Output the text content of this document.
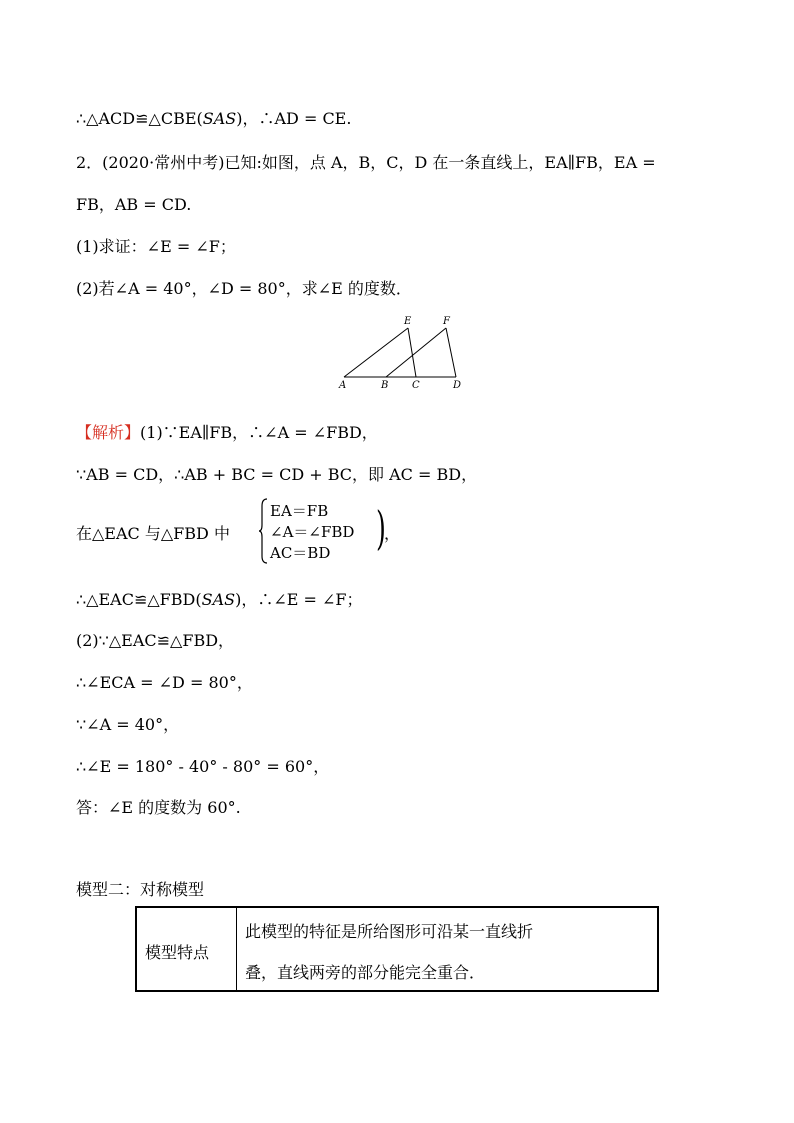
∴△ACD≌△CBE(SAS)，∴AD = CE.
2．(2020·常州中考)已知:如图，点 A，B，C，D 在一条直线上，EA∥FB，EA =
FB，AB = CD.
(1)求证：∠E = ∠F；
(2)若∠A = 40°，∠D = 80°，求∠E 的度数．
E	F
A	B C	D
【解析】(1)∵EA∥FB，∴∠A = ∠FBD，
∵AB = CD，∴AB + BC = CD + BC，即 AC = BD，
在△EAC 与△FBD 中
EA＝FB
∠A＝∠FBD
AC＝BD )
，
∴△EAC≌△FBD(SAS)，∴∠E = ∠F；
(2)∵△EAC≌△FBD，
∴∠ECA = ∠D = 80°，
∵∠A = 40°，
∴∠E = 180° - 40° - 80° = 60°，
答：∠E 的度数为 60°.
模型二：对称模型
模型特点
此模型的特征是所给图形可沿某一直线折
叠，直线两旁的部分能完全重合．
